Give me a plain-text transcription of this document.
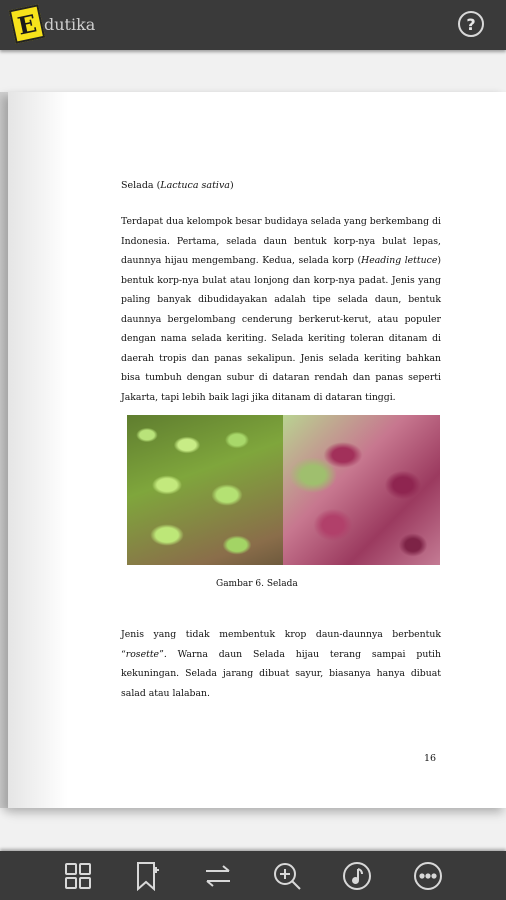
E dutika	?
Selada (Lactuca sativa)

Terdapat dua kelompok besar budidaya selada yang berkembang di Indonesia. Pertama, selada daun bentuk korp-nya bulat lepas, daunnya hijau mengembang. Kedua, selada korp (Heading lettuce) bentuk korp-nya bulat atau lonjong dan korp-nya padat. Jenis yang paling banyak dibudidayakan adalah tipe selada daun, bentuk daunnya bergelombang cenderung berkerut-kerut, atau populer dengan nama selada keriting. Selada keriting toleran ditanam di daerah tropis dan panas sekalipun. Jenis selada keriting bahkan bisa tumbuh dengan subur di dataran rendah dan panas seperti Jakarta, tapi lebih baik lagi jika ditanam di dataran tinggi.

Gambar 6. Selada

Jenis yang tidak membentuk krop daun-daunnya berbentuk “rosette”. Warna daun Selada hijau terang sampai putih kekuningan. Selada jarang dibuat sayur, biasanya hanya dibuat salad atau lalaban.

16
